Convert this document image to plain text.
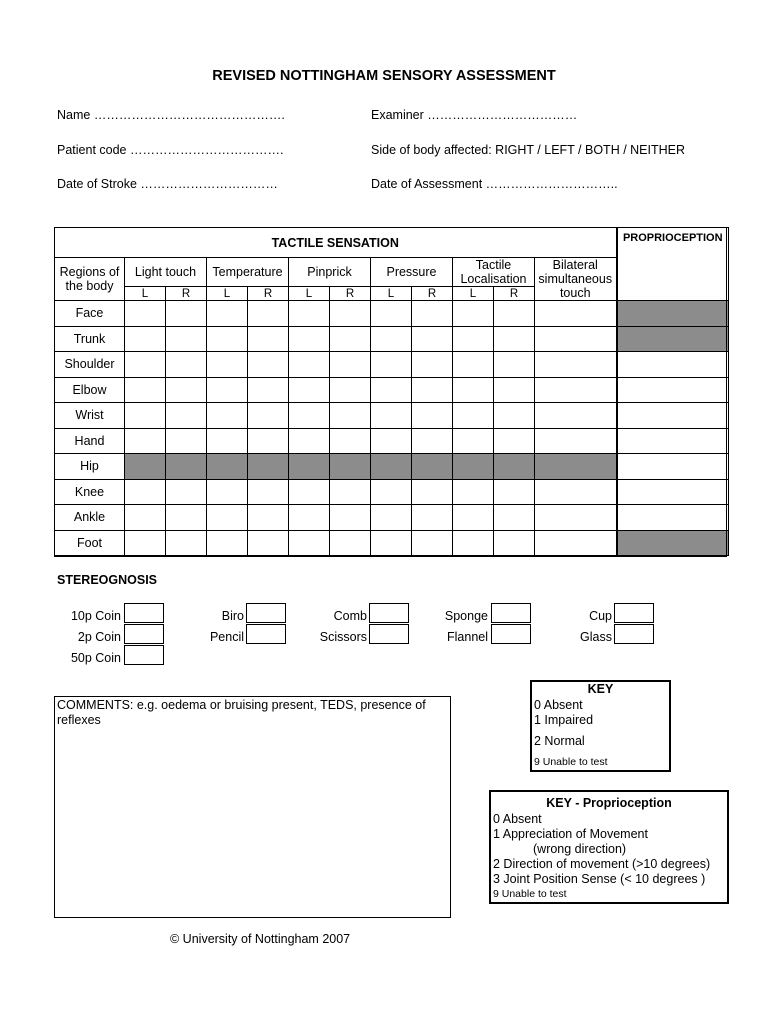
REVISED NOTTINGHAM SENSORY ASSESSMENT
Name ……………………………………….	Examiner ………………………………
Patient code ……………………………….	Side of body affected: RIGHT / LEFT / BOTH / NEITHER
Date of Stroke ……………………………	Date of Assessment …………………………..
TACTILE SENSATION												PROPRIOCEPTION
Regions of the body	Light touch		Temperature		Pinprick		Pressure		Tactile Localisation		Bilateral simultaneous touch	
	L	R	L	R	L	R	L	R	L	R		
Face												
Trunk												
Shoulder												
Elbow												
Wrist												
Hand												
Hip												
Knee												
Ankle												
Foot												
STEREOGNOSIS
10p Coin
2p Coin
50p Coin
Biro
Pencil
Comb
Scissors
Sponge
Flannel
Cup
Glass
COMMENTS: e.g. oedema or bruising present, TEDS, presence of reflexes
KEY
0 Absent
1 Impaired
2 Normal
9 Unable to test
KEY - Proprioception
0 Absent
1 Appreciation of Movement
(wrong direction)
2 Direction of movement (>10 degrees)
3 Joint Position Sense (< 10 degrees )
9 Unable to test
© University of Nottingham 2007
